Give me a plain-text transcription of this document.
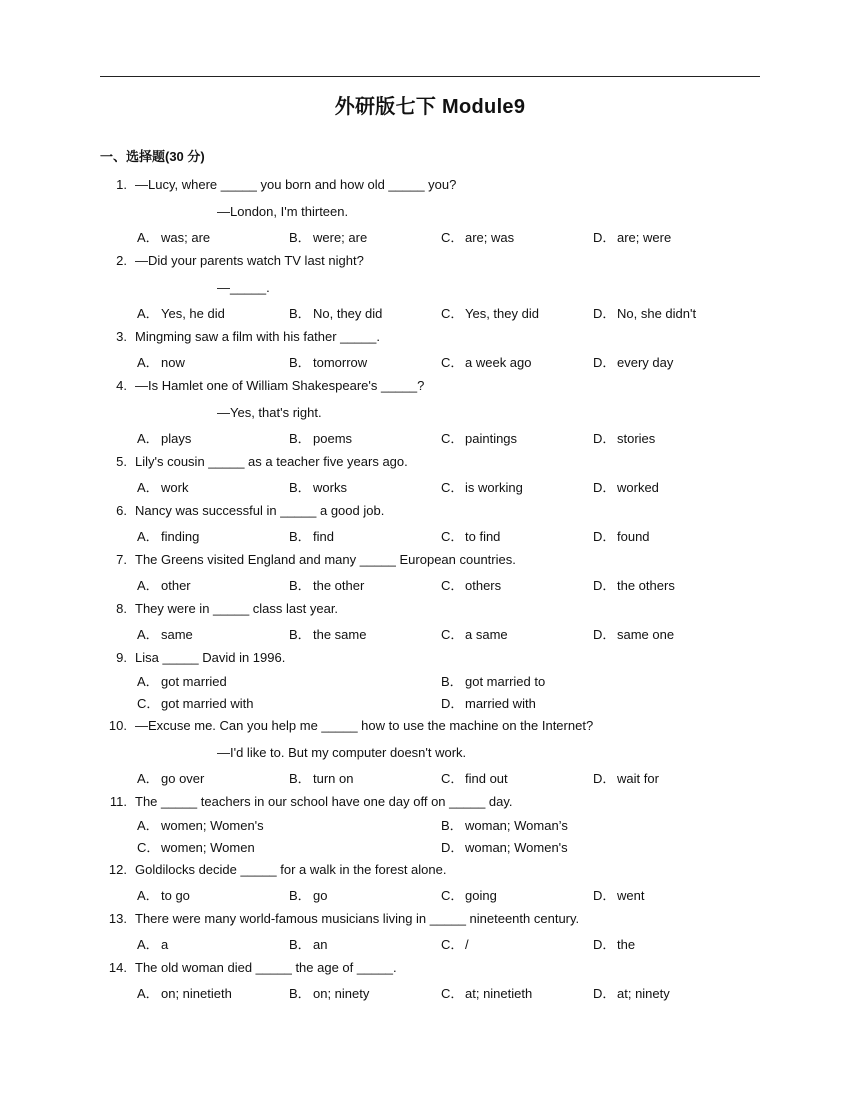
外研版七下 Module9
一、选择题(30 分)
1. —Lucy, where _____ you born and how old _____ you?
—London, I'm thirteen.
A． was; are	B． were; are	C． are; was	D． are; were
2. —Did your parents watch TV last night?
—_____.
A． Yes, he did	B． No, they did	C． Yes, they did	D． No, she didn't
3. Mingming saw a film with his father _____.
A． now	B． tomorrow	C． a week ago	D． every day
4. —Is Hamlet one of William Shakespeare's _____?
—Yes, that's right.
A． plays	B． poems	C． paintings	D． stories
5. Lily's cousin _____ as a teacher five years ago.
A． work	B． works	C． is working	D． worked
6. Nancy was successful in _____ a good job.
A． finding	B． find	C． to find	D． found
7. The Greens visited England and many _____ European countries.
A． other	B． the other	C． others	D． the others
8. They were in _____ class last year.
A． same	B． the same	C． a same	D． same one
9. Lisa _____ David in 1996.
A． got married	B． got married to
C． got married with	D． married with
10. —Excuse me. Can you help me _____ how to use the machine on the Internet?
—I'd like to. But my computer doesn't work.
A． go over	B． turn on	C． find out	D． wait for
11. The _____ teachers in our school have one day off on _____ day.
A． women; Women's	B． woman; Woman’s
C． women; Women	D． woman; Women's
12. Goldilocks decide _____ for a walk in the forest alone.
A． to go	B． go	C． going	D． went
13. There were many world-famous musicians living in _____ nineteenth century.
A． a	B． an	C． /	D． the
14. The old woman died _____ the age of _____.
A． on; ninetieth	B． on; ninety	C． at; ninetieth	D． at; ninety
